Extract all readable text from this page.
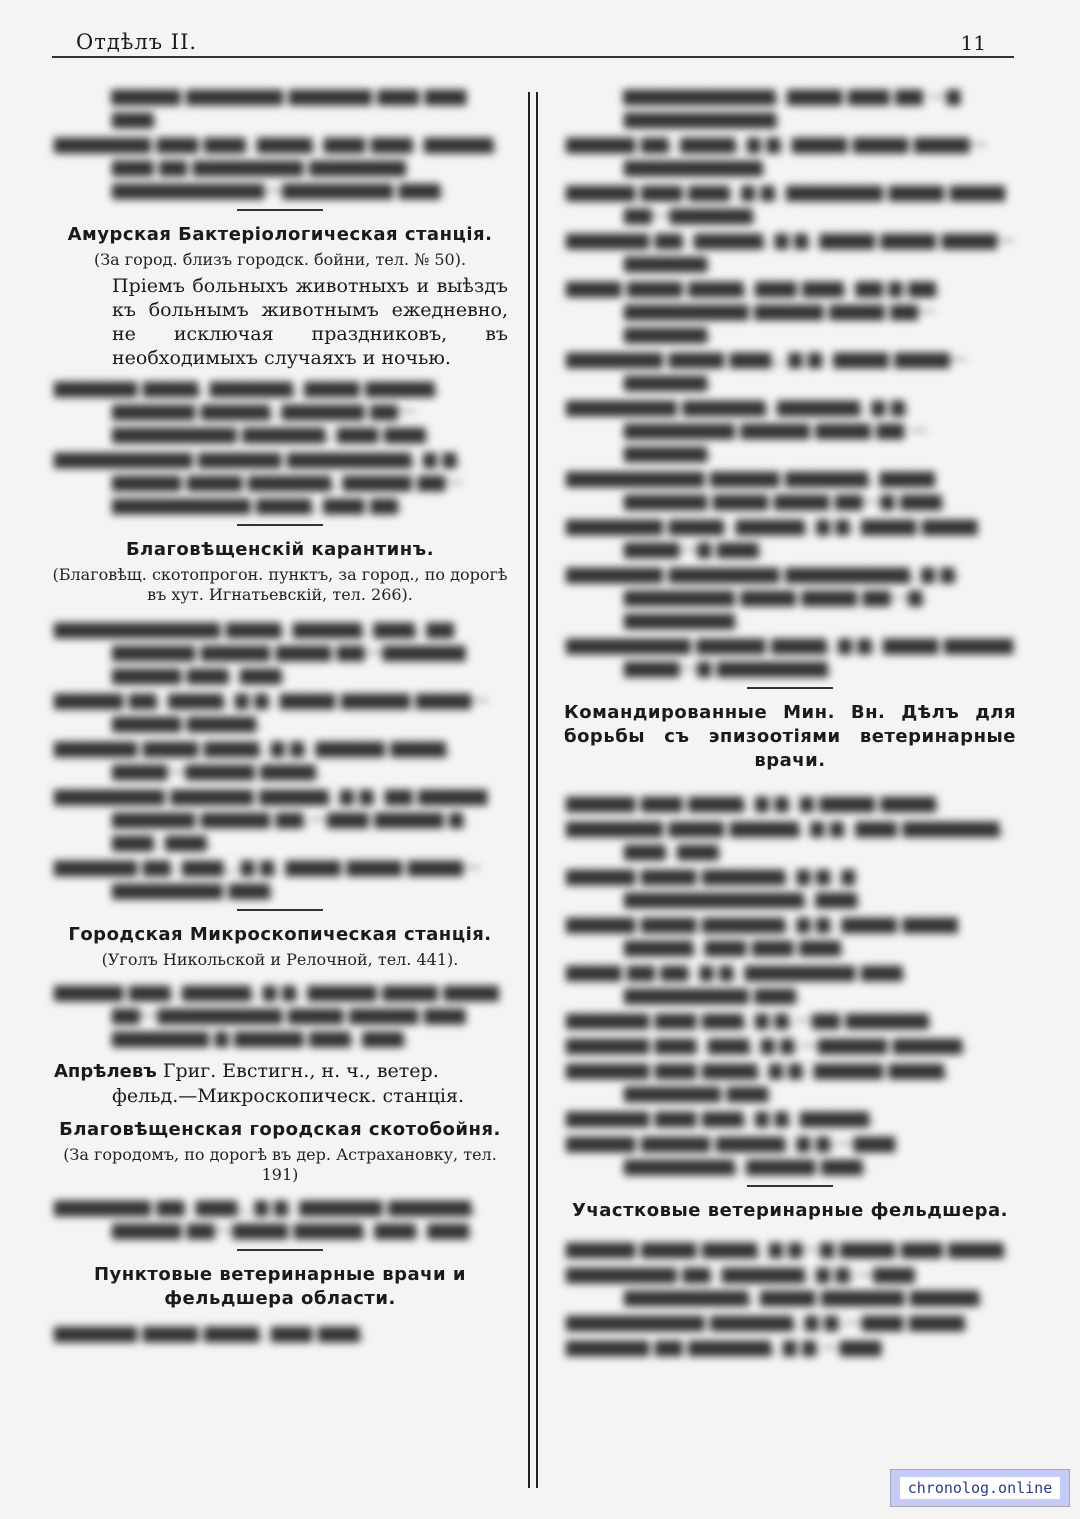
Отдѣлъ II.	11
▆▆▆▆▆ ▆▆▆▆▆▆▆ ▆▆▆▆▆▆ ▆▆▆ ▆▆▆ ▆▆▆.
▆▆▆▆▆▆▆ ▆▆▆ ▆▆▆. ▆▆▆▆, ▆▆▆ ▆▆▆. ▆▆▆▆▆, ▆▆▆ ▆▆ ▆▆▆▆▆▆▆▆ ▆▆▆▆▆▆▆ ▆▆▆▆▆▆▆▆▆▆▆—▆▆▆▆▆▆▆▆ ▆▆▆.
Амурская Бактеріологическая станція.
(За город. близъ городск. бойни, тел. № 50).
Пріемъ больныхъ животныхъ и выѣздъ къ больнымъ животнымъ ежедневно, не исключая праздниковъ, въ необходимыхъ случаяхъ и ночью.
▆▆▆▆▆▆ ▆▆▆▆, ▆▆▆▆▆▆, ▆▆▆▆ ▆▆▆▆▆, ▆▆▆▆▆▆ ▆▆▆▆▆, ▆▆▆▆▆▆ ▆▆—▆▆▆▆▆▆▆▆▆ ▆▆▆▆▆▆, ▆▆▆ ▆▆▆.
▆▆▆▆▆▆▆▆▆▆ ▆▆▆▆▆▆ ▆▆▆▆▆▆▆▆▆, ▆ ▆. ▆▆▆▆▆ ▆▆▆▆ ▆▆▆▆▆▆, ▆▆▆▆▆ ▆▆—▆▆▆▆▆▆▆▆▆▆ ▆▆▆▆, ▆▆▆ ▆▆.
Благовѣщенскій карантинъ.
(Благовѣщ. скотопрогон. пунктъ, за город., по дорогѣ въ хут. Игнатьевскій, тел. 266).
▆▆▆▆▆▆▆▆▆▆▆▆ ▆▆▆▆, ▆▆▆▆▆, ▆▆▆, ▆▆ ▆▆▆▆▆▆ ▆▆▆▆▆ ▆▆▆▆ ▆▆—▆▆▆▆▆▆ ▆▆▆▆▆ ▆▆▆. ▆▆▆.
▆▆▆▆▆ ▆▆. ▆▆▆▆, ▆ ▆. ▆▆▆▆ ▆▆▆▆▆ ▆▆▆▆—▆▆▆▆▆ ▆▆▆▆▆.
▆▆▆▆▆▆ ▆▆▆▆ ▆▆▆▆, ▆ ▆. ▆▆▆▆▆ ▆▆▆▆, ▆▆▆▆—▆▆▆▆▆ ▆▆▆▆.
▆▆▆▆▆▆▆▆ ▆▆▆▆▆▆ ▆▆▆▆▆, ▆ ▆. ▆▆ ▆▆▆▆▆ ▆▆▆▆▆▆ ▆▆▆▆▆ ▆▆.—▆▆▆ ▆▆▆▆▆ ▆. ▆▆▆. ▆▆▆.
▆▆▆▆▆▆ ▆▆. ▆▆▆., ▆ ▆. ▆▆▆▆ ▆▆▆▆ ▆▆▆▆—▆▆▆▆▆▆▆▆ ▆▆▆.
Городская Микроскопическая станція.
(Уголъ Никольской и Релочной, тел. 441).
▆▆▆▆▆ ▆▆▆. ▆▆▆▆▆, ▆ ▆. ▆▆▆▆▆ ▆▆▆▆ ▆▆▆▆ ▆▆—▆▆▆▆▆▆▆▆▆ ▆▆▆▆ ▆▆▆▆▆ ▆▆▆ ▆▆▆▆▆▆▆ ▆ ▆▆▆▆▆ ▆▆▆. ▆▆▆.
Апрѣлевъ Григ. Евстигн., н. ч., ветер. фельд.—Микроскопическ. станція.
Благовѣщенская городская скотобойня.
(За городомъ, по дорогѣ въ дер. Астрахановку, тел. 191)
▆▆▆▆▆▆▆ ▆▆. ▆▆▆., ▆ ▆. ▆▆▆▆▆▆ ▆▆▆▆▆▆, ▆▆▆▆▆ ▆▆—▆▆▆▆ ▆▆▆▆▆, ▆▆▆. ▆▆▆.
Пунктовые ветеринарные врачи и фельдшера области.
▆▆▆▆▆▆ ▆▆▆▆ ▆▆▆▆, ▆▆▆ ▆▆▆,
▆▆▆▆▆▆▆▆▆▆▆, ▆▆▆▆ ▆▆▆ ▆▆ —▆ ▆▆▆▆▆▆▆▆▆▆▆.
▆▆▆▆▆ ▆▆. ▆▆▆▆, ▆ ▆. ▆▆▆▆ ▆▆▆▆ ▆▆▆▆—▆▆▆▆▆▆▆▆▆▆.
▆▆▆▆▆ ▆▆▆ ▆▆▆. ▆ ▆. ▆▆▆▆▆▆▆ ▆▆▆▆ ▆▆▆▆ ▆▆—▆▆▆▆▆▆.
▆▆▆▆▆▆ ▆▆. ▆▆▆▆▆, ▆ ▆. ▆▆▆▆ ▆▆▆▆ ▆▆▆▆—▆▆▆▆▆▆.
▆▆▆▆ ▆▆▆▆ ▆▆▆▆, ▆▆▆ ▆▆▆. ▆▆ ▆ ▆▆. ▆▆▆▆▆▆▆▆▆ ▆▆▆▆▆ ▆▆▆▆ ▆▆—▆▆▆▆▆▆.
▆▆▆▆▆▆▆ ▆▆▆▆ ▆▆▆., ▆ ▆. ▆▆▆▆ ▆▆▆▆—▆▆▆▆▆▆.
▆▆▆▆▆▆▆▆ ▆▆▆▆▆▆, ▆▆▆▆▆▆, ▆ ▆. ▆▆▆▆▆▆▆▆ ▆▆▆▆▆ ▆▆▆▆ ▆▆ —▆▆▆▆▆▆.
▆▆▆▆▆▆▆▆▆▆ ▆▆▆▆▆ ▆▆▆▆▆▆, ▆▆▆▆ ▆▆▆▆▆▆ ▆▆▆▆ ▆▆▆▆ ▆▆—▆ ▆▆▆.
▆▆▆▆▆▆▆ ▆▆▆▆. ▆▆▆▆▆, ▆ ▆. ▆▆▆▆ ▆▆▆▆ ▆▆▆▆—▆ ▆▆▆.
▆▆▆▆▆▆▆ ▆▆▆▆▆▆▆▆ ▆▆▆▆▆▆▆▆▆, ▆ ▆. ▆▆▆▆▆▆▆▆ ▆▆▆▆ ▆▆▆▆ ▆▆—▆. ▆▆▆▆▆▆▆▆.
▆▆▆▆▆▆▆▆▆ ▆▆▆▆▆ ▆▆▆▆, ▆ ▆. ▆▆▆▆ ▆▆▆▆▆ ▆▆▆▆—▆ ▆▆▆▆▆▆▆▆.
Командированные Мин. Вн. Дѣлъ для борьбы съ эпизоотіями ветеринарные врачи.
▆▆▆▆▆ ▆▆▆ ▆▆▆▆, ▆ ▆. ▆ ▆▆▆▆ ▆▆▆▆.
▆▆▆▆▆▆▆ ▆▆▆▆ ▆▆▆▆▆, ▆ ▆. ▆▆▆ ▆▆▆▆▆▆▆, ▆▆▆. ▆▆▆.
▆▆▆▆▆ ▆▆▆▆ ▆▆▆▆▆▆, ▆ ▆. ▆ ▆▆▆▆▆▆▆▆▆▆▆▆▆, ▆▆▆.
▆▆▆▆▆ ▆▆▆▆ ▆▆▆▆▆▆, ▆ ▆. ▆▆▆▆ ▆▆▆▆ ▆▆▆▆▆, ▆▆▆ ▆▆▆ ▆▆▆.
▆▆▆▆ ▆▆ ▆▆. ▆ ▆. ▆▆▆▆▆▆▆▆ ▆▆▆. ▆▆▆▆▆▆▆▆▆ ▆▆▆.
▆▆▆▆▆▆ ▆▆▆ ▆▆▆, ▆ ▆.—▆▆ ▆▆▆▆▆▆.
▆▆▆▆▆▆ ▆▆▆. ▆▆▆, ▆ ▆.—▆▆▆▆▆ ▆▆▆▆▆.
▆▆▆▆▆▆ ▆▆▆ ▆▆▆▆, ▆ ▆. ▆▆▆▆▆ ▆▆▆▆, ▆▆▆▆▆▆▆ ▆▆▆.
▆▆▆▆▆▆ ▆▆▆ ▆▆▆, ▆ ▆. ▆▆▆▆▆.
▆▆▆▆▆ ▆▆▆▆▆ ▆▆▆▆▆, ▆ ▆.—▆▆▆ ▆▆▆▆▆▆▆▆, ▆▆▆▆▆ ▆▆▆.
Участковые ветеринарные фельдшера.
▆▆▆▆▆ ▆▆▆▆ ▆▆▆▆, ▆ ▆—▆ ▆▆▆▆ ▆▆▆ ▆▆▆▆.
▆▆▆▆▆▆▆▆ ▆▆. ▆▆▆▆▆▆, ▆ ▆.—▆▆▆ ▆▆▆▆▆▆▆▆▆, ▆▆▆▆ ▆▆▆▆▆▆ ▆▆▆▆▆.
▆▆▆▆▆▆▆▆▆▆ ▆▆▆▆▆▆, ▆ ▆.—▆▆▆ ▆▆▆▆.
▆▆▆▆▆▆ ▆▆ ▆▆▆▆▆▆, ▆ ▆.—▆▆▆
chronolog.online
